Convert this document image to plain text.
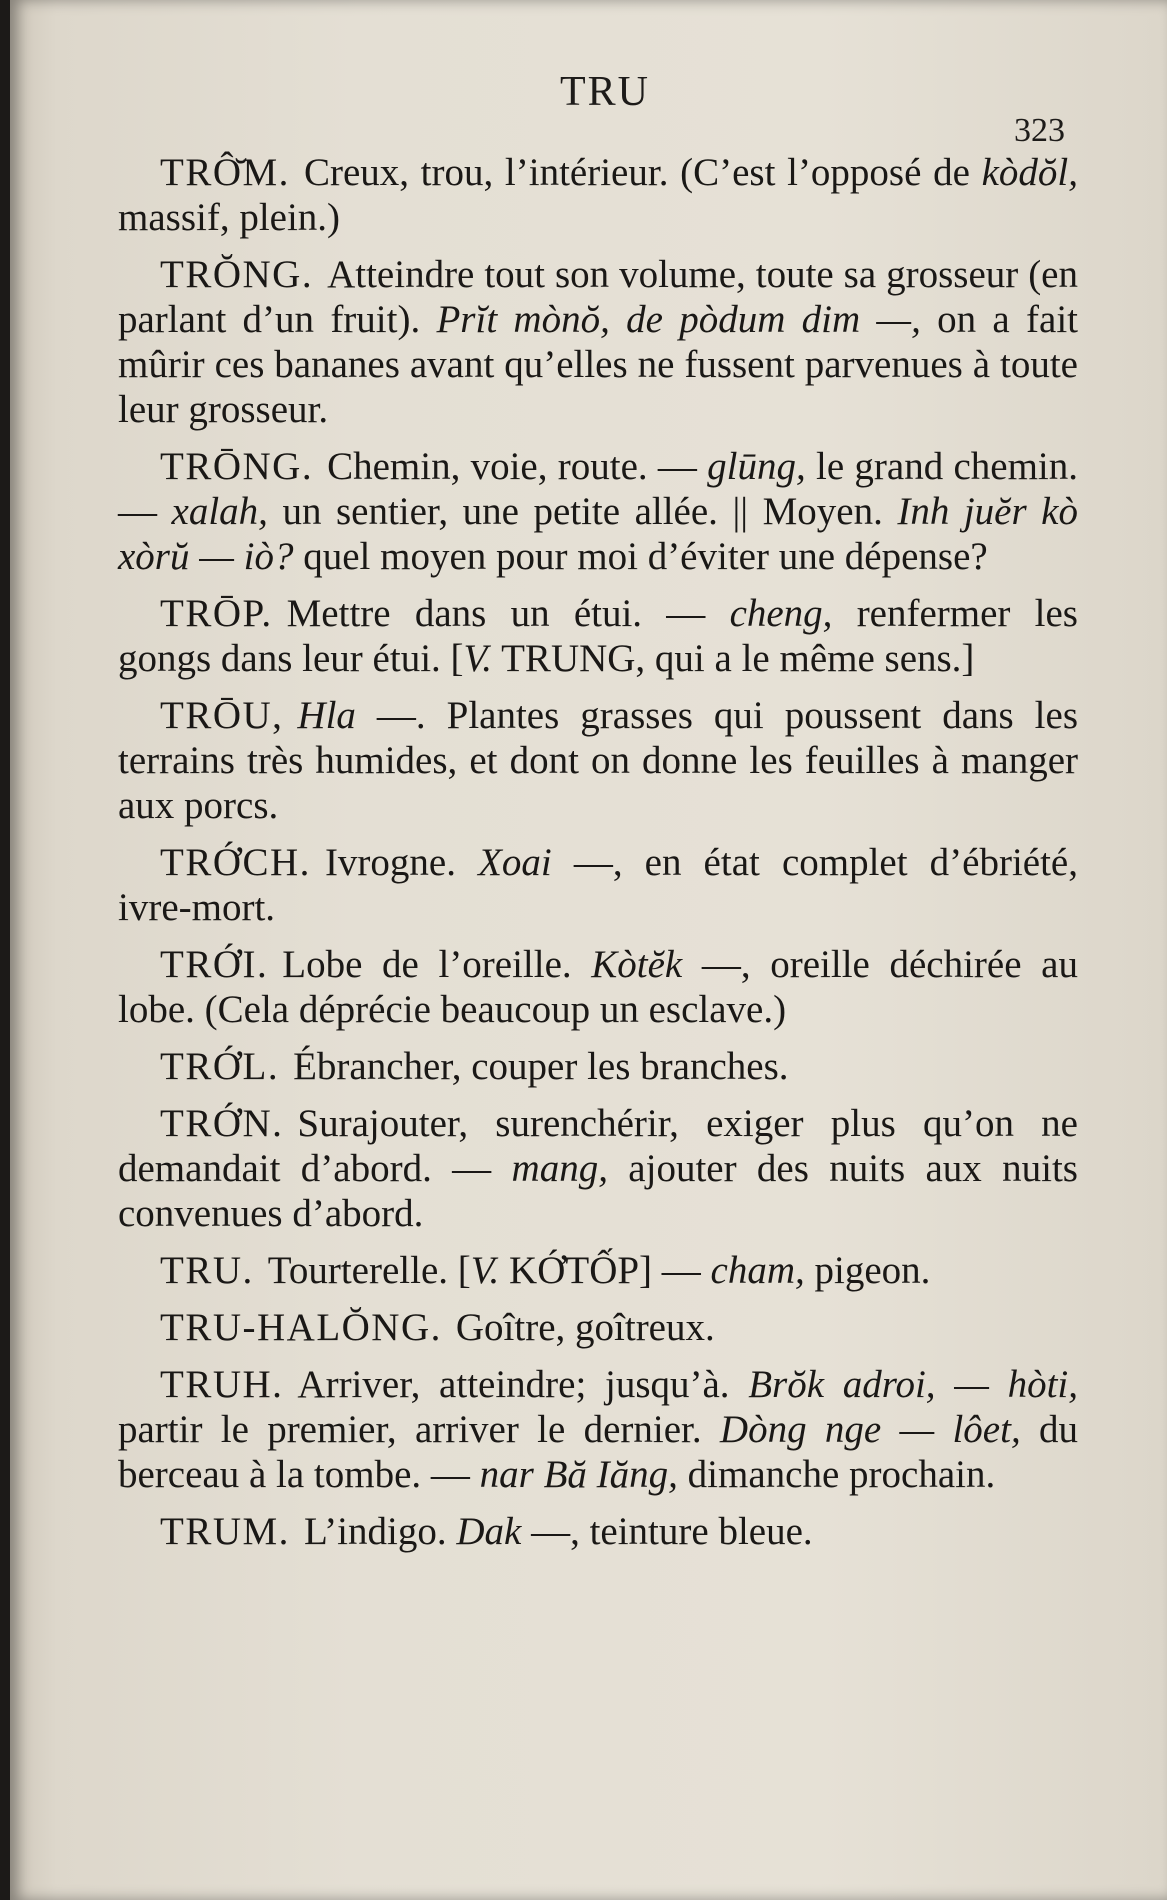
TRU
323

TRÔ̆M. Creux, trou, l’intérieur. (C’est l’opposé de kòdŏl, massif, plein.)

TRŎNG. Atteindre tout son volume, toute sa grosseur (en parlant d’un fruit). Prĭt mònŏ, de pòdum dim —, on a fait mûrir ces bananes avant qu’elles ne fussent parvenues à toute leur grosseur.

TRŌNG. Chemin, voie, route. — glūng, le grand chemin. — xalah, un sentier, une petite allée. || Moyen. Inh juĕr kò xòrŭ — iò? quel moyen pour moi d’éviter une dépense?

TRŌP. Mettre dans un étui. — cheng, renfermer les gongs dans leur étui. [V. TRUNG, qui a le même sens.]

TRŌU, Hla —. Plantes grasses qui poussent dans les terrains très humides, et dont on donne les feuilles à manger aux porcs.

TRỚCH. Ivrogne. Xoai —, en état complet d’ébriété, ivre-mort.

TRỚI. Lobe de l’oreille. Kòtĕk —, oreille déchirée au lobe. (Cela déprécie beaucoup un esclave.)

TRỚL. Ébrancher, couper les branches.

TRỚN. Surajouter, surenchérir, exiger plus qu’on ne demandait d’abord. — mang, ajouter des nuits aux nuits convenues d’abord.

TRU. Tourterelle. [V. KỚTỐP] — cham, pigeon.

TRU-HALŎNG. Goître, goîtreux.

TRUH. Arriver, atteindre; jusqu’à. Brŏk adroi, — hòti, partir le premier, arriver le dernier. Dòng nge — lôet, du berceau à la tombe. — nar Bă Iăng, dimanche prochain.

TRUM. L’indigo. Dak —, teinture bleue.
